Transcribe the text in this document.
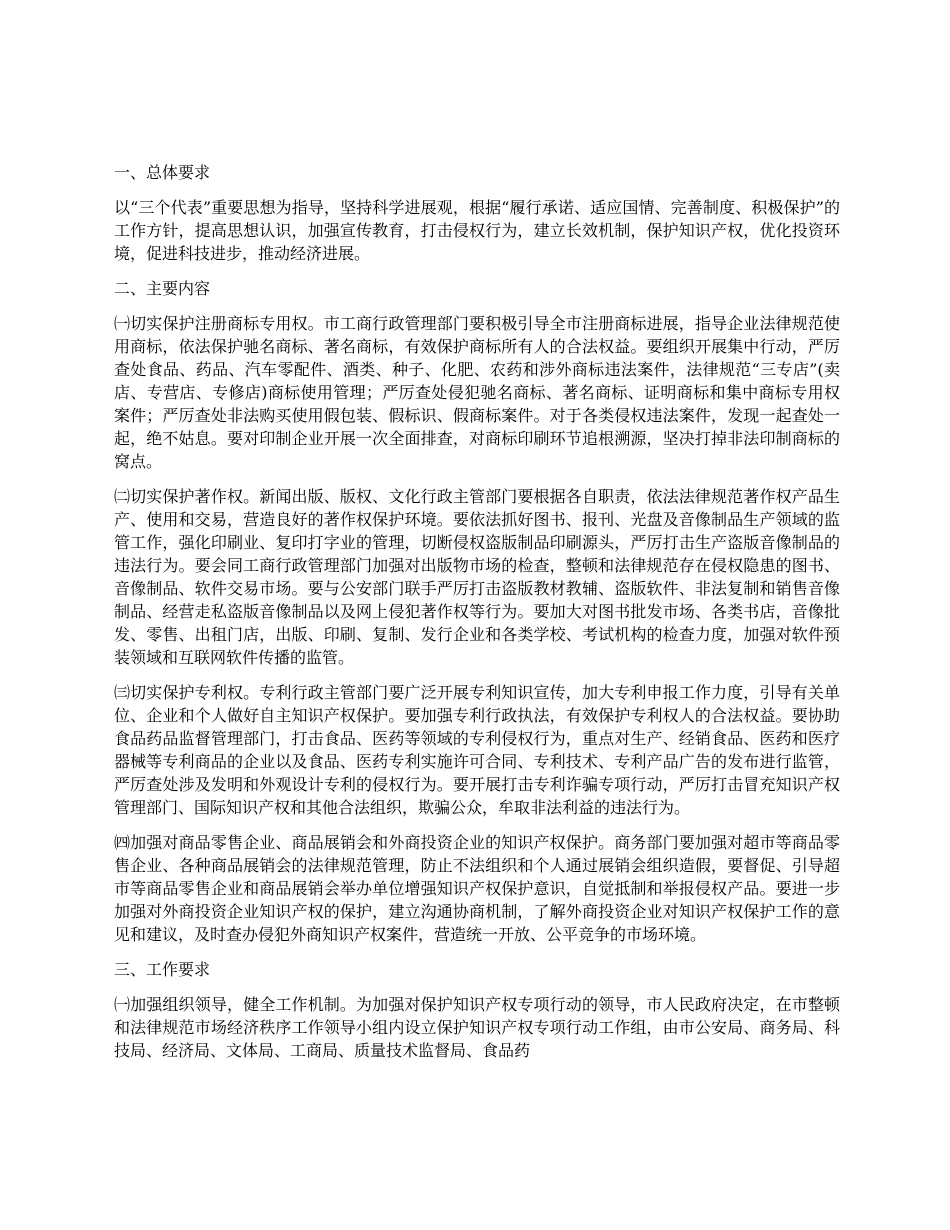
一、总体要求
以“三个代表”重要思想为指导，坚持科学进展观，根据“履行承诺、适应国情、完善制度、积极保护”的工作方针，提高思想认识，加强宣传教育，打击侵权行为，建立长效机制，保护知识产权，优化投资环境，促进科技进步，推动经济进展。
二、主要内容
㈠切实保护注册商标专用权。市工商行政管理部门要积极引导全市注册商标进展，指导企业法律规范使用商标，依法保护驰名商标、著名商标，有效保护商标所有人的合法权益。要组织开展集中行动，严厉查处食品、药品、汽车零配件、酒类、种子、化肥、农药和涉外商标违法案件，法律规范“三专店”(卖店、专营店、专修店)商标使用管理；严厉查处侵犯驰名商标、著名商标、证明商标和集中商标专用权案件；严厉查处非法购买使用假包装、假标识、假商标案件。对于各类侵权违法案件，发现一起查处一起，绝不姑息。要对印制企业开展一次全面排查，对商标印刷环节追根溯源，坚决打掉非法印制商标的窝点。
㈡切实保护著作权。新闻出版、版权、文化行政主管部门要根据各自职责，依法法律规范著作权产品生产、使用和交易，营造良好的著作权保护环境。要依法抓好图书、报刊、光盘及音像制品生产领域的监管工作，强化印刷业、复印打字业的管理，切断侵权盗版制品印刷源头，严厉打击生产盗版音像制品的违法行为。要会同工商行政管理部门加强对出版物市场的检查，整顿和法律规范存在侵权隐患的图书、音像制品、软件交易市场。要与公安部门联手严厉打击盗版教材教辅、盗版软件、非法复制和销售音像制品、经营走私盗版音像制品以及网上侵犯著作权等行为。要加大对图书批发市场、各类书店，音像批发、零售、出租门店，出版、印刷、复制、发行企业和各类学校、考试机构的检查力度，加强对软件预装领域和互联网软件传播的监管。
㈢切实保护专利权。专利行政主管部门要广泛开展专利知识宣传，加大专利申报工作力度，引导有关单位、企业和个人做好自主知识产权保护。要加强专利行政执法，有效保护专利权人的合法权益。要协助食品药品监督管理部门，打击食品、医药等领域的专利侵权行为，重点对生产、经销食品、医药和医疗器械等专利商品的企业以及食品、医药专利实施许可合同、专利技术、专利产品广告的发布进行监管，严厉查处涉及发明和外观设计专利的侵权行为。要开展打击专利诈骗专项行动，严厉打击冒充知识产权管理部门、国际知识产权和其他合法组织，欺骗公众，牟取非法利益的违法行为。
㈣加强对商品零售企业、商品展销会和外商投资企业的知识产权保护。商务部门要加强对超市等商品零售企业、各种商品展销会的法律规范管理，防止不法组织和个人通过展销会组织造假，要督促、引导超市等商品零售企业和商品展销会举办单位增强知识产权保护意识，自觉抵制和举报侵权产品。要进一步加强对外商投资企业知识产权的保护，建立沟通协商机制，了解外商投资企业对知识产权保护工作的意见和建议，及时查办侵犯外商知识产权案件，营造统一开放、公平竞争的市场环境。
三、工作要求
㈠加强组织领导，健全工作机制。为加强对保护知识产权专项行动的领导，市人民政府决定，在市整顿和法律规范市场经济秩序工作领导小组内设立保护知识产权专项行动工作组，由市公安局、商务局、科技局、经济局、文体局、工商局、质量技术监督局、食品药
